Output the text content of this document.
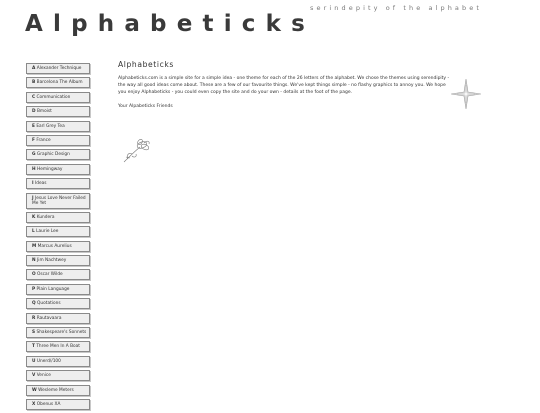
Alphabeticks
serindepity of the alphabet
A Alexander Technique
B Barcelona The Album
C Communication
D Bmoist
E Earl Grey Tea
F France
G Graphic Design
H Hemingway
I Ideas
J Jesus Love Never Failed Me Yet
K Kundera
L Laurie Lee
M Marcus Aurelius
N Jim Nachtwey
O Oscar Wilde
P Plain Language
Q Quotations
R Rautavaara
S Shakespeare's Sonnets
T Three Men In A Boat
U Unerd//100
V Venice
W Wesleme Meters
X Obenus XA
Alphabeticks

Alphabeticks.com is a simple site for a simple idea - one theme for each of the 26 letters of the alphabet. We chose the themes using serendipity - the way all good ideas come about. These are a few of our favourite things. We've kept things simple - no flashy graphics to annoy you. We hope you enjoy Alphabeticks - you could even copy the site and do your own - details at the foot of the page.

Your Alpabeticks Friends
